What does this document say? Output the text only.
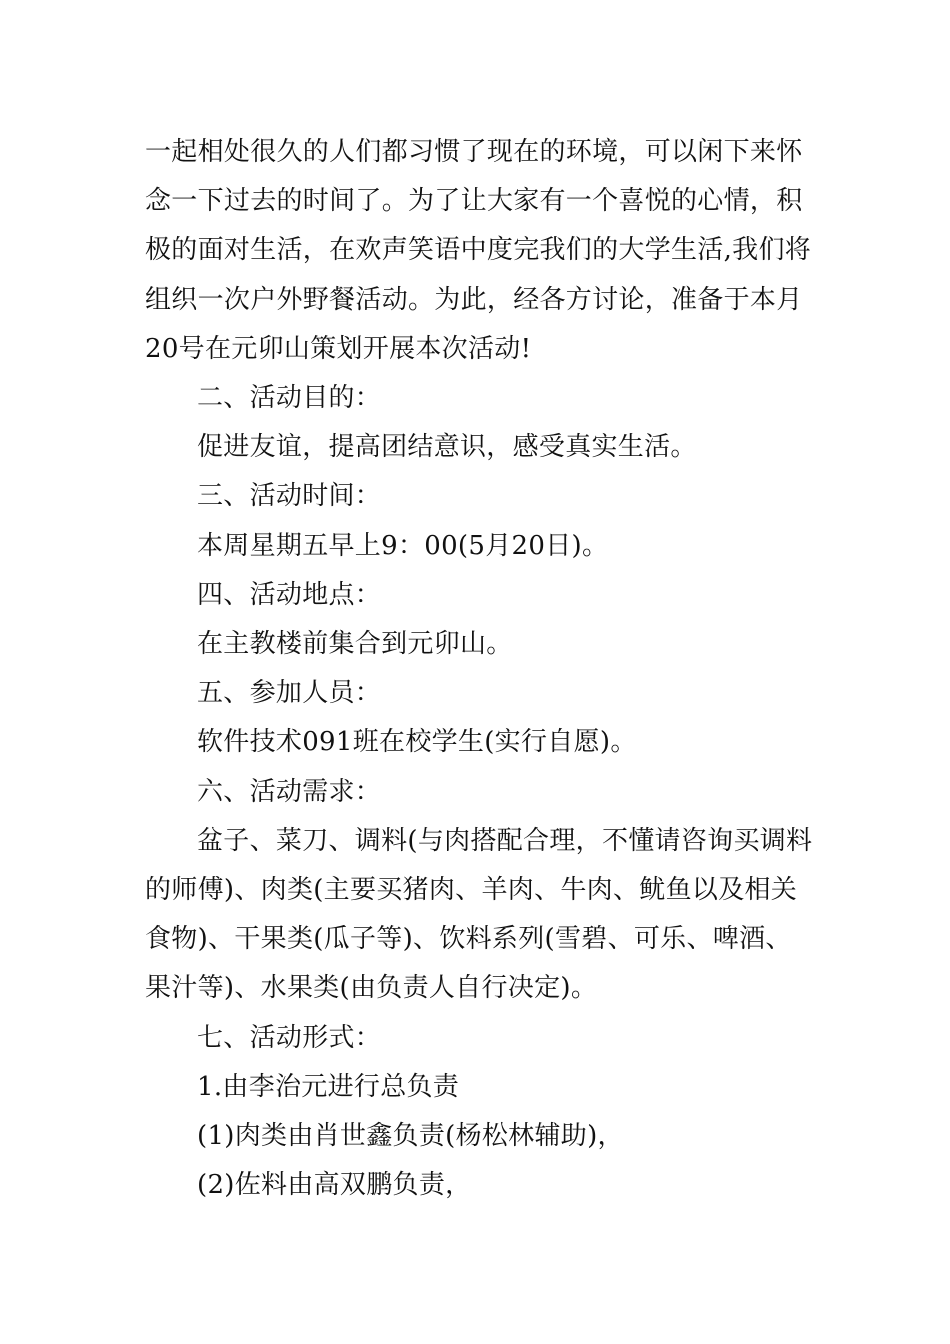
一起相处很久的人们都习惯了现在的环境，可以闲下来怀

念一下过去的时间了。为了让大家有一个喜悦的心情，积

极的面对生活，在欢声笑语中度完我们的大学生活,我们将

组织一次户外野餐活动。为此，经各方讨论，准备于本月

20号在元卯山策划开展本次活动!

二、活动目的：

促进友谊，提高团结意识，感受真实生活。

三、活动时间：

本周星期五早上9：00(5月20日)。

四、活动地点：

在主教楼前集合到元卯山。

五、参加人员：

软件技术091班在校学生(实行自愿)。

六、活动需求：

盆子、菜刀、调料(与肉搭配合理，不懂请咨询买调料

的师傅)、肉类(主要买猪肉、羊肉、牛肉、鱿鱼以及相关

食物)、干果类(瓜子等)、饮料系列(雪碧、可乐、啤酒、

果汁等)、水果类(由负责人自行决定)。

七、活动形式：

1.由李治元进行总负责

(1)肉类由肖世鑫负责(杨松林辅助)，

(2)佐料由高双鹏负责，
